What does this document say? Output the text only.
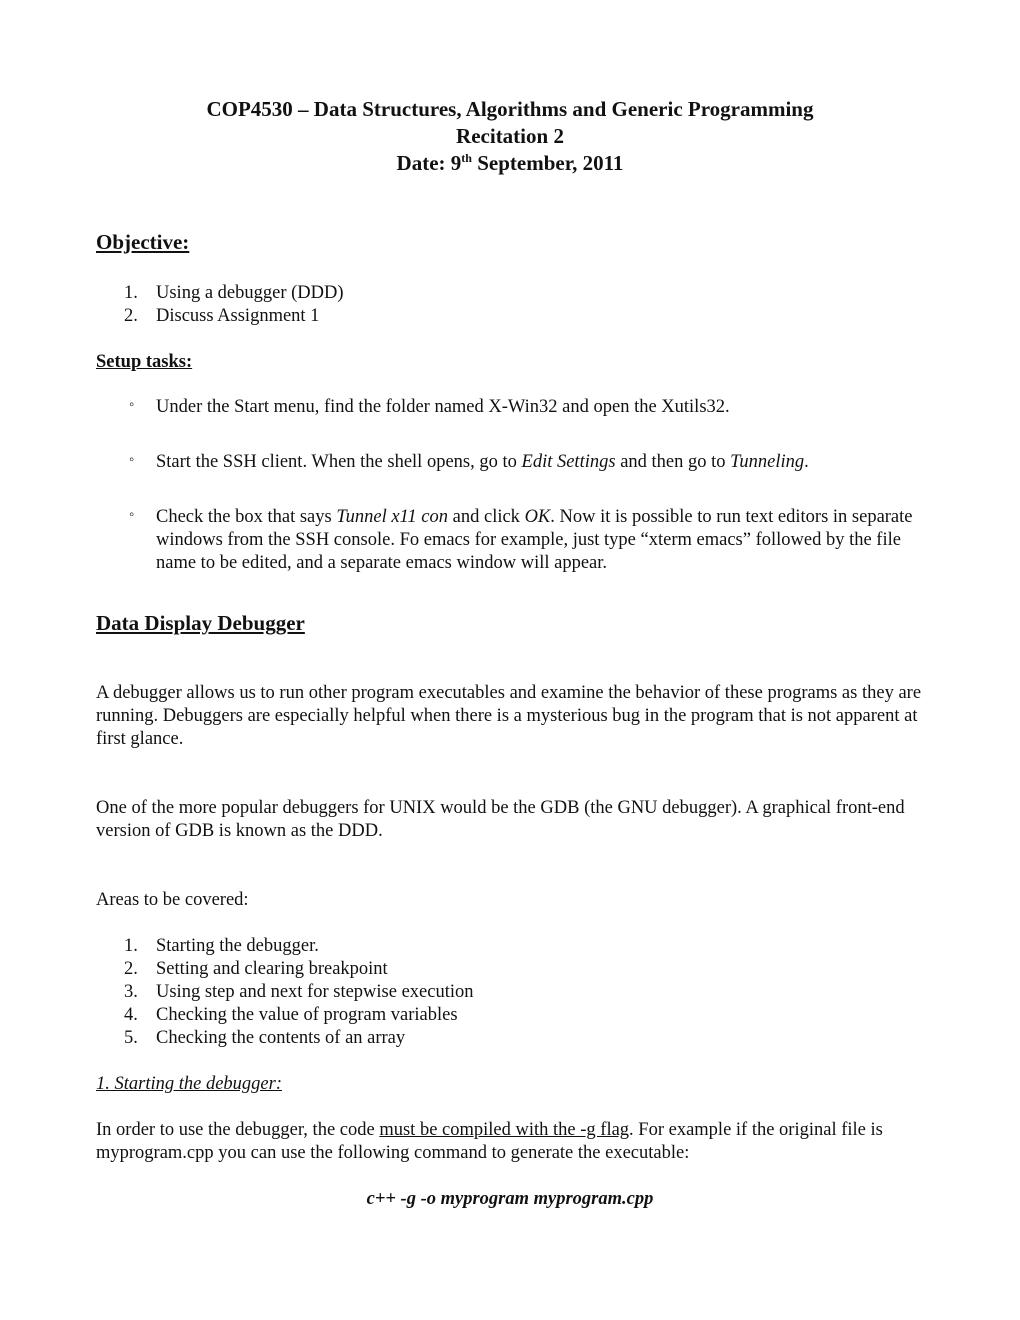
COP4530 – Data Structures, Algorithms and Generic Programming
Recitation 2
Date: 9th September, 2011
Objective:
1. Using a debugger (DDD)
2. Discuss Assignment 1
Setup tasks:
◦ Under the Start menu, find the folder named X-Win32 and open the Xutils32.
◦ Start the SSH client. When the shell opens, go to Edit Settings and then go to Tunneling.
◦ Check the box that says Tunnel x11 con and click OK. Now it is possible to run text editors in separate windows from the SSH console. Fo emacs for example, just type “xterm emacs” followed by the file name to be edited, and a separate emacs window will appear.
Data Display Debugger

A debugger allows us to run other program executables and examine the behavior of these programs as they are running. Debuggers are especially helpful when there is a mysterious bug in the program that is not apparent at first glance.

One of the more popular debuggers for UNIX would be the GDB (the GNU debugger). A graphical front-end version of GDB is known as the DDD.

Areas to be covered:

1. Starting the debugger.
2. Setting and clearing breakpoint
3. Using step and next for stepwise execution
4. Checking the value of program variables
5. Checking the contents of an array
1. Starting the debugger:

In order to use the debugger, the code must be compiled with the -g flag. For example if the original file is myprogram.cpp you can use the following command to generate the executable:

c++ -g -o myprogram myprogram.cpp
